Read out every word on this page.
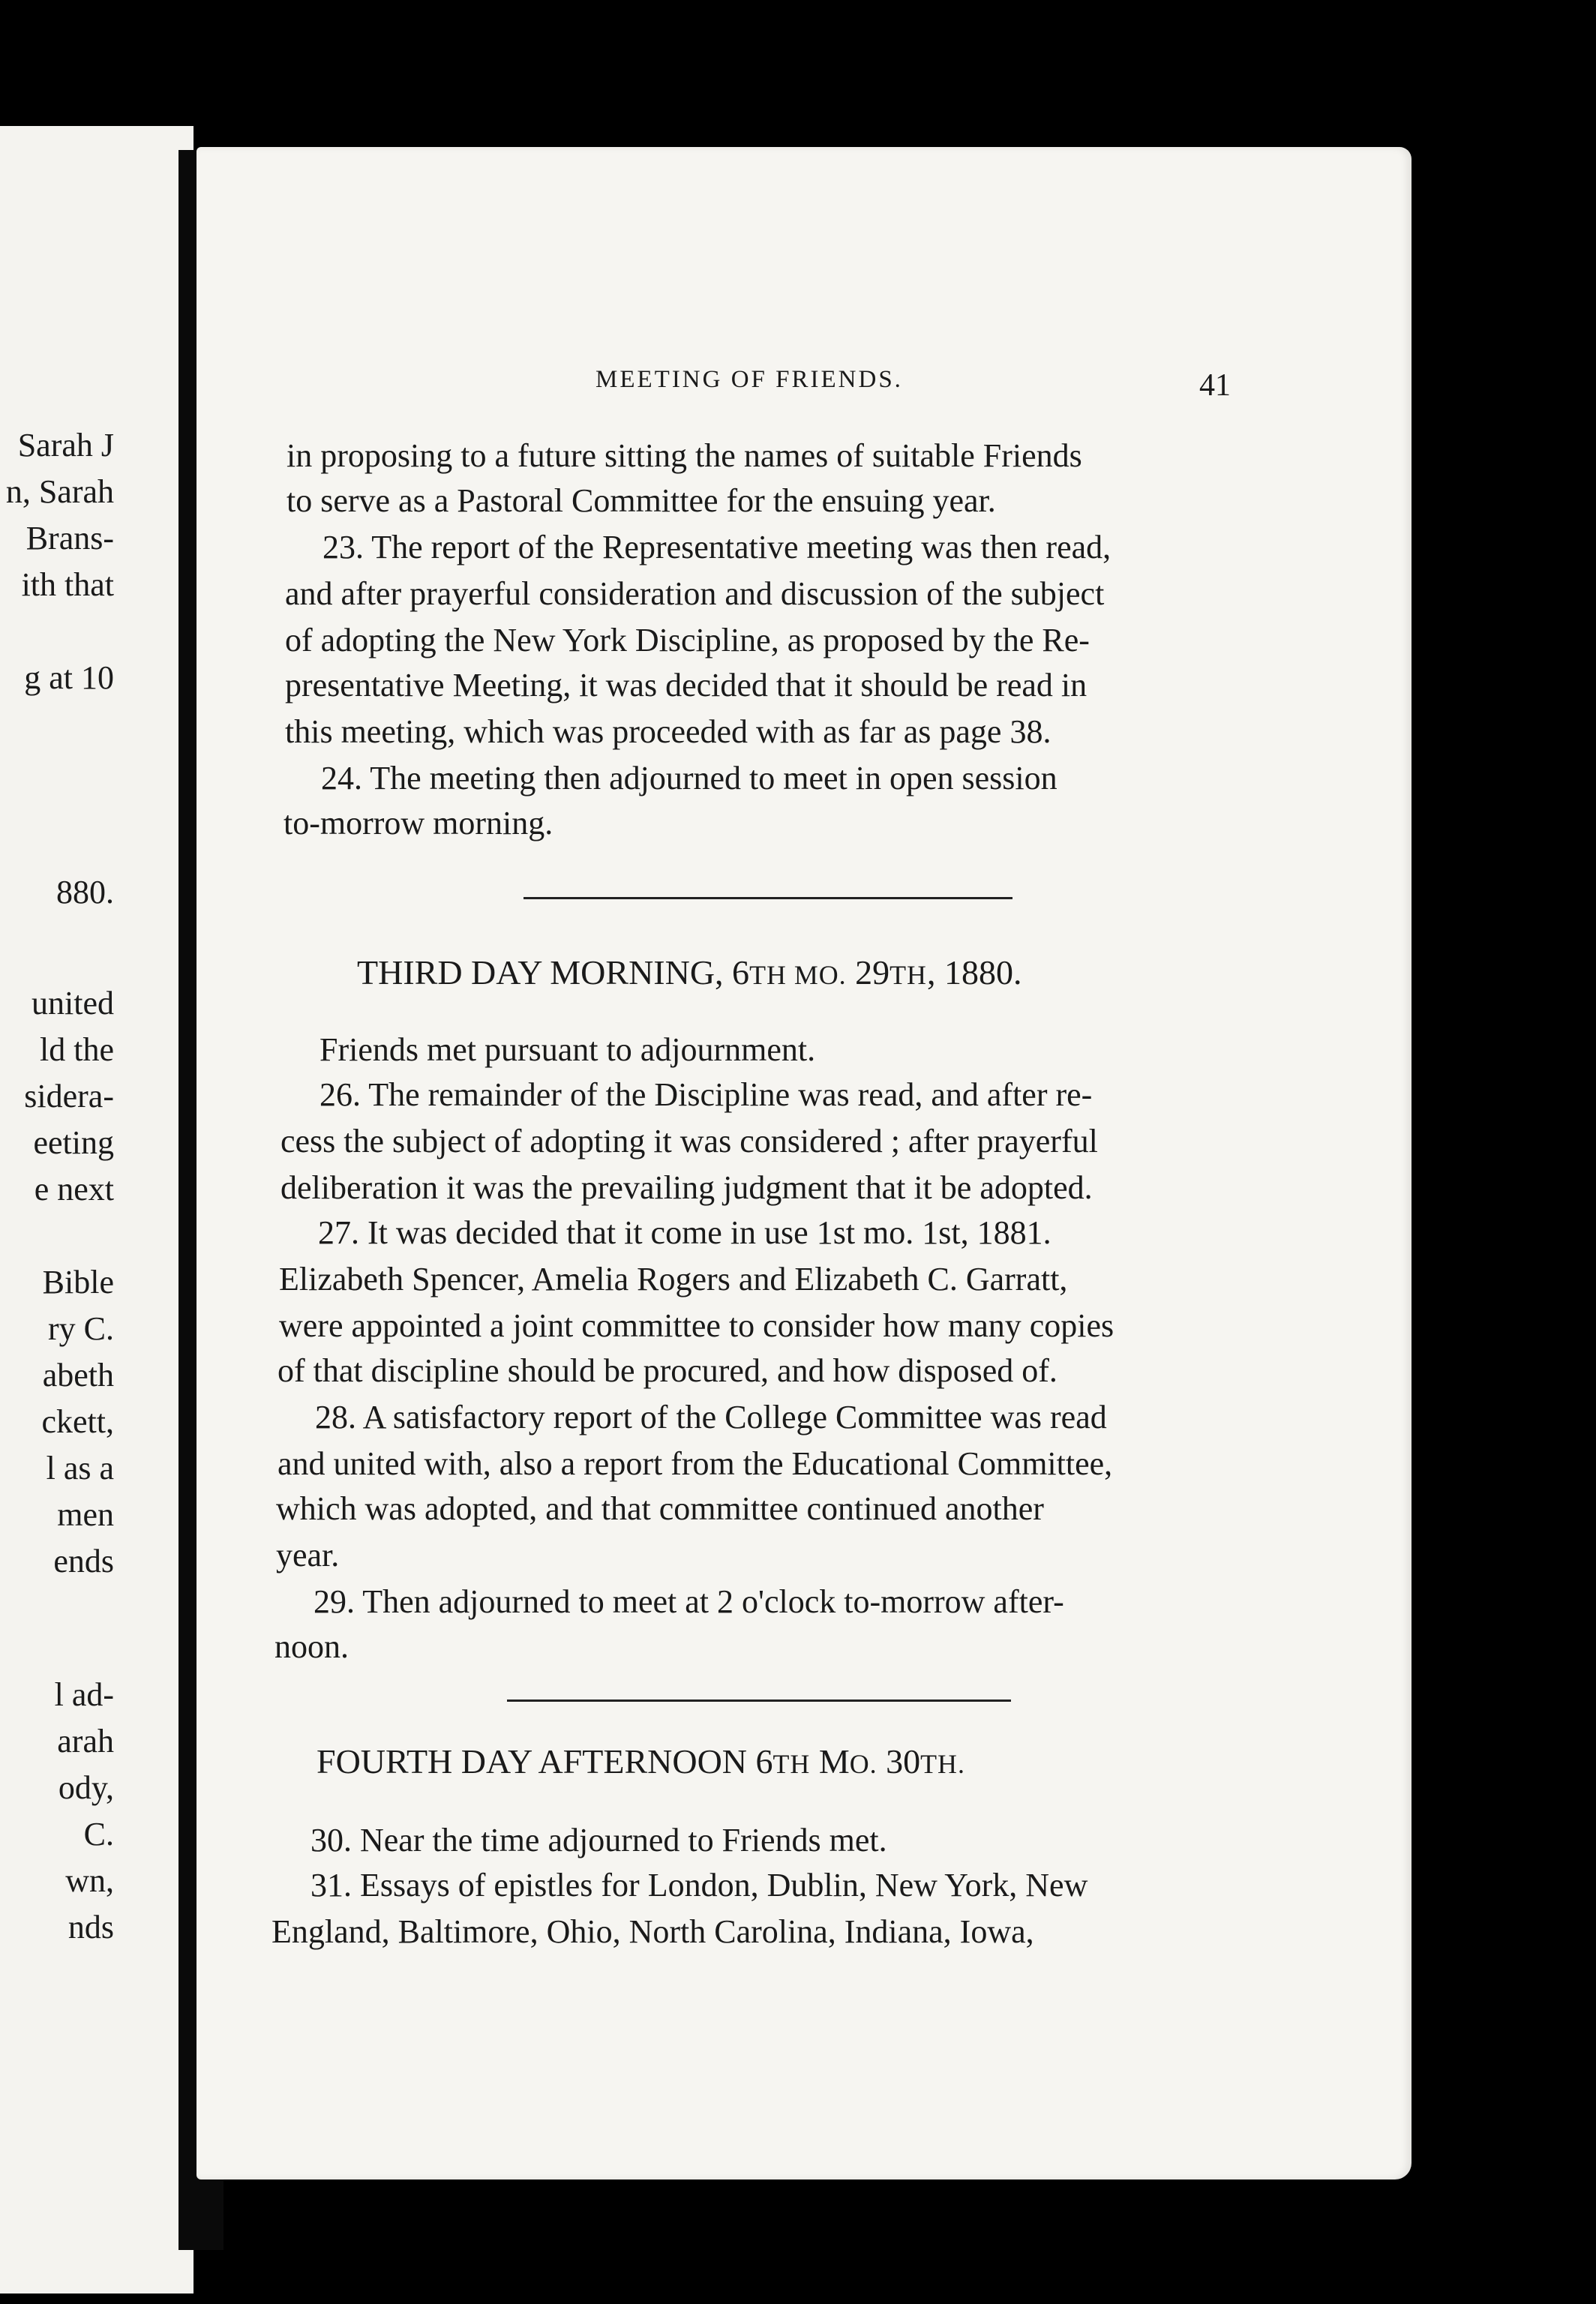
Sarah J
n, Sarah
Brans-
ith that
g at 10
880.
united
ld the
sidera-
eeting
e next
Bible
ry C.
abeth
ckett,
l as a
men
ends
l ad-
arah
ody,
C.
wn,
nds
MEETING OF FRIENDS.	41
in proposing to a future sitting the names of suitable Friends
to serve as a Pastoral Committee for the ensuing year.
23. The report of the Representative meeting was then read,
and after prayerful consideration and discussion of the subject
of adopting the New York Discipline, as proposed by the Re-
presentative Meeting, it was decided that it should be read in
this meeting, which was proceeded with as far as page 38.
24. The meeting then adjourned to meet in open session
to-morrow morning.
THIRD DAY MORNING, 6TH MO. 29TH, 1880.
Friends met pursuant to adjournment.
26. The remainder of the Discipline was read, and after re-
cess the subject of adopting it was considered ; after prayerful
deliberation it was the prevailing judgment that it be adopted.
27. It was decided that it come in use 1st mo. 1st, 1881.
Elizabeth Spencer, Amelia Rogers and Elizabeth C. Garratt,
were appointed a joint committee to consider how many copies
of that discipline should be procured, and how disposed of.
28. A satisfactory report of the College Committee was read
and united with, also a report from the Educational Committee,
which was adopted, and that committee continued another
year.
29. Then adjourned to meet at 2 o'clock to-morrow after-
noon.
FOURTH DAY AFTERNOON 6TH MO. 30TH.
30. Near the time adjourned to Friends met.
31. Essays of epistles for London, Dublin, New York, New
England, Baltimore, Ohio, North Carolina, Indiana, Iowa,
